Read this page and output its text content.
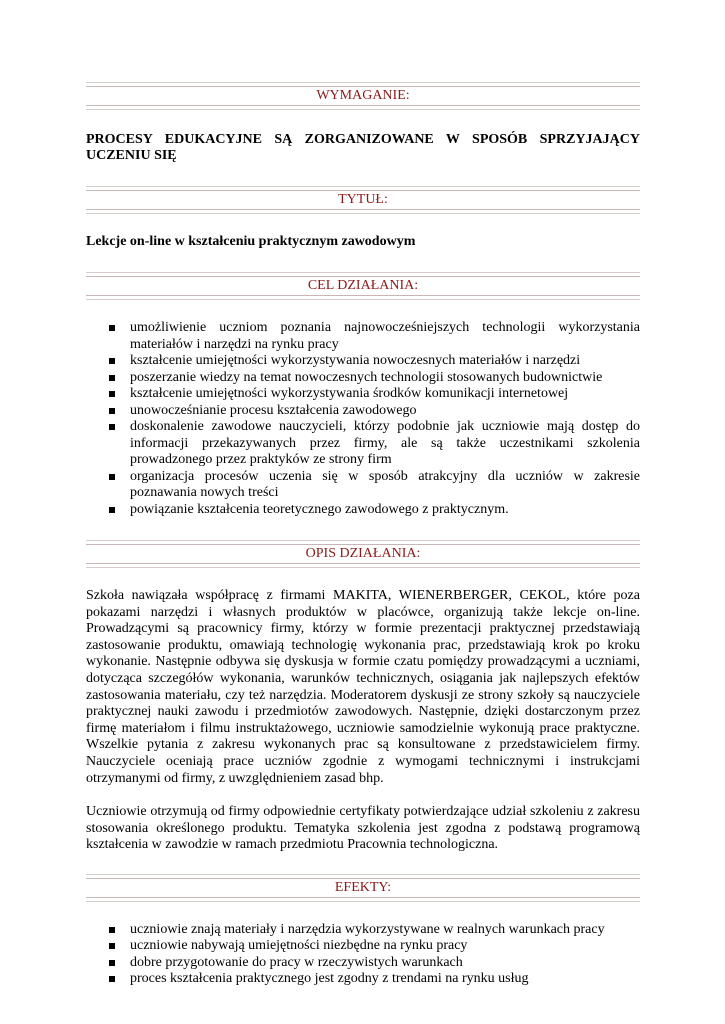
WYMAGANIE:

PROCESY EDUKACYJNE SĄ ZORGANIZOWANE W SPOSÓB SPRZYJAJĄCY UCZENIU SIĘ

TYTUŁ:

Lekcje on-line w kształceniu praktycznym zawodowym

CEL DZIAŁANIA:
umożliwienie uczniom poznania najnowocześniejszych technologii wykorzystania materiałów i narzędzi na rynku pracy
kształcenie umiejętności wykorzystywania nowoczesnych materiałów i narzędzi
poszerzanie wiedzy na temat nowoczesnych technologii stosowanych budownictwie
kształcenie umiejętności wykorzystywania środków komunikacji internetowej
unowocześnianie procesu kształcenia zawodowego
doskonalenie zawodowe nauczycieli, którzy podobnie jak uczniowie mają dostęp do informacji przekazywanych przez firmy, ale są także uczestnikami szkolenia prowadzonego przez praktyków ze strony firm
organizacja procesów uczenia się w sposób atrakcyjny dla uczniów w zakresie poznawania nowych treści
powiązanie kształcenia teoretycznego zawodowego z praktycznym.
OPIS DZIAŁANIA:

Szkoła nawiązała współpracę z firmami MAKITA, WIENERBERGER, CEKOL, które poza pokazami narzędzi i własnych produktów w placówce, organizują także lekcje on-line. Prowadzącymi są pracownicy firmy, którzy w formie prezentacji praktycznej przedstawiają zastosowanie produktu, omawiają technologię wykonania prac, przedstawiają krok po kroku wykonanie. Następnie odbywa się dyskusja w formie czatu pomiędzy prowadzącymi a uczniami, dotycząca szczegółów wykonania, warunków technicznych, osiągania jak najlepszych efektów zastosowania materiału, czy też narzędzia. Moderatorem dyskusji ze strony szkoły są nauczyciele praktycznej nauki zawodu i przedmiotów zawodowych. Następnie, dzięki dostarczonym przez firmę materiałom i filmu instruktażowego, uczniowie samodzielnie wykonują prace praktyczne. Wszelkie pytania z zakresu wykonanych prac są konsultowane z przedstawicielem firmy. Nauczyciele oceniają prace uczniów zgodnie z wymogami technicznymi i instrukcjami otrzymanymi od firmy, z uwzględnieniem zasad bhp.

Uczniowie otrzymują od firmy odpowiednie certyfikaty potwierdzające udział szkoleniu z zakresu stosowania określonego produktu. Tematyka szkolenia jest zgodna z podstawą programową kształcenia w zawodzie w ramach przedmiotu Pracownia technologiczna.

EFEKTY:
uczniowie znają materiały i narzędzia wykorzystywane w realnych warunkach pracy
uczniowie nabywają umiejętności niezbędne na rynku pracy
dobre przygotowanie do pracy w rzeczywistych warunkach
proces kształcenia praktycznego jest zgodny z trendami na rynku usług
